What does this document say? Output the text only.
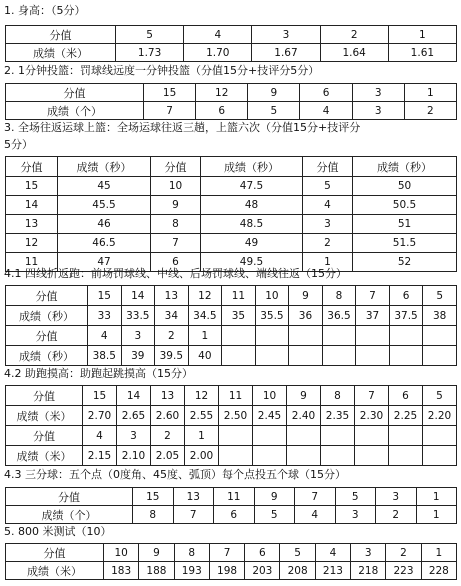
1. 身高：（5分）
分值	5	4	3	2	1
成绩（米）	1.73	1.70	1.67	1.64	1.61
2. 1分钟投篮：罚球线远度一分钟投篮（分值15分+技评分5分）
分值	15	12	9	6	3	1
成绩（个）	7	6	5	4	3	2
3. 全场往返运球上篮：全场运球往返三趟，上篮六次（分值15分+技评分
5分）
分值	成绩（秒）	分值	成绩（秒）	分值	成绩（秒）
15	45	10	47.5	5	50
14	45.5	9	48	4	50.5
13	46	8	48.5	3	51
12	46.5	7	49	2	51.5
11	47	6	49.5	1	52
4.1 四线折返跑：前场罚球线、中线、后场罚球线、端线往返（15分）
分值	15	14	13	12	11	10	9	8	7	6	5
成绩（秒）	33	33.5	34	34.5	35	35.5	36	36.5	37	37.5	38
分值	4	3	2	1							
成绩（秒）	38.5	39	39.5	40							
4.2 助跑摸高：助跑起跳摸高（15分）
分值	15	14	13	12	11	10	9	8	7	6	5
成绩（米）	2.70	2.65	2.60	2.55	2.50	2.45	2.40	2.35	2.30	2.25	2.20
分值	4	3	2	1							
成绩（米）	2.15	2.10	2.05	2.00							
4.3 三分球：五个点（0度角、45度、弧顶）每个点投五个球（15分）
分值	15	13	11	9	7	5	3	1
成绩（个）	8	7	6	5	4	3	2	1
5. 800 米测试（10）
分值	10	9	8	7	6	5	4	3	2	1
成绩（米）	183	188	193	198	203	208	213	218	223	228
